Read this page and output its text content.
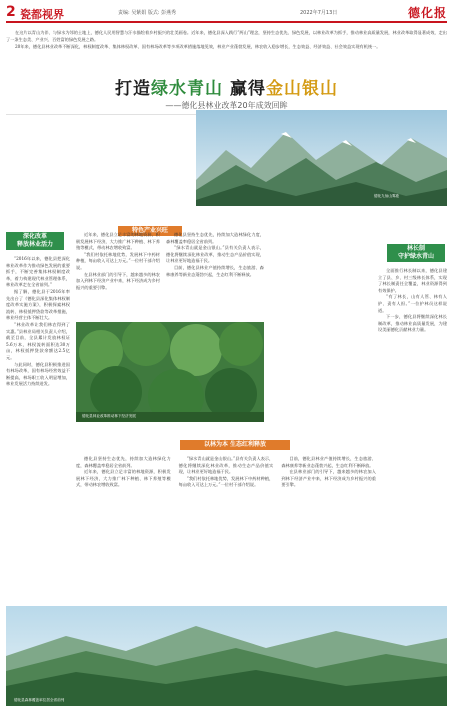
2 瓷都视界	责编: 吴紫娟 版式: 彭燕秀	2022年7月13日	德化报

在这片以青山为伴、与绿水为邻的土地上，德化人民用智慧与汗水描绘着乡村振兴的壮美画卷。近年来，德化县深入践行“两山”理念，坚持生态优先、绿色发展，以林业改革为抓手，推动林业高质量发展，林业改革取得显著成效，走出了一条生态美、产业兴、百姓富的绿色发展之路。

20年来，德化县林业改革不断深化，林权制度改革、集体林权改革、国有林场改革等多项改革措施落地见效，林业产业蓬勃发展，林农收入稳步增长，生态效益、经济效益、社会效益实现有机统一。

打造绿水青山 赢得金山银山
——德化县林业改革20年成效回眸
德化九仙山雾凇
深化改革
释放林业活力

“2016年以来，德化县把深化林业改革作为推动绿色发展的重要抓手，不断完善集体林权制度改革，着力构建现代林业管理体系，林业改革走在全省前列。”

据了解，德化县于2016年率先出台了《德化县深化集体林权制度改革实施方案》，积极探索林权流转、林权抵押贷款等改革措施，林业经营主体不断壮大。

“林业改革让我们林农得到了实惠。”县林业局相关负责人介绍，截至目前，全县累计发放林权证5.6万本，林权流转面积达30万亩，林权抵押贷款余额达2.5亿元。

与此同时，德化县积极推进国有林场改革，国有林场经营效益不断提高，林场职工收入明显增加，林业发展活力持续迸发。

特色产业兴旺

近年来，德化县立足丰富的林地资源，积极发展林下经济，大力推广林下种植、林下养殖等模式，带动林农增收致富。

“我们村依托林地优势，发展林下中药材种植，每亩收入可达上万元。”一位村干部介绍说。

在县林业部门的引导下，越来越多的林农加入到林下经济产业中来，林下经济成为乡村振兴的重要引擎。

德化县坚持生态优先，持续加大造林绿化力度，森林覆盖率稳居全省前列。

“绿水青山就是金山银山。”县有关负责人表示，德化将继续深化林业改革，推动生态产品价值实现，让林业更好地造福于民。

目前，德化县林业产值持续增长，生态旅游、森林康养等新业态蓬勃兴起，生态红利不断释放。

德化县林业改革推动林下经济发展
林长制
守护绿水青山

全面推行林长制以来，德化县建立了县、乡、村三级林长体系，实现了林长制责任全覆盖，林业资源得到有效保护。

“有了林长，山有人管、林有人护、责有人担。”一位护林员这样说道。

下一步，德化县将继续深化林长制改革，推动林业高质量发展，为建设美丽德化贡献林业力量。

以林为本 生态红利释放

德化县坚持生态优先，持续加大造林绿化力度，森林覆盖率稳居全省前列。

近年来，德化县立足丰富的林地资源，积极发展林下经济，大力推广林下种植、林下养殖等模式，带动林农增收致富。

“绿水青山就是金山银山。”县有关负责人表示，德化将继续深化林业改革，推动生态产品价值实现，让林业更好地造福于民。

“我们村依托林地优势，发展林下中药材种植，每亩收入可达上万元。”一位村干部介绍说。

目前，德化县林业产值持续增长，生态旅游、森林康养等新业态蓬勃兴起，生态红利不断释放。

在县林业部门的引导下，越来越多的林农加入到林下经济产业中来，林下经济成为乡村振兴的重要引擎。

德化县森林覆盖率位居全省前列
